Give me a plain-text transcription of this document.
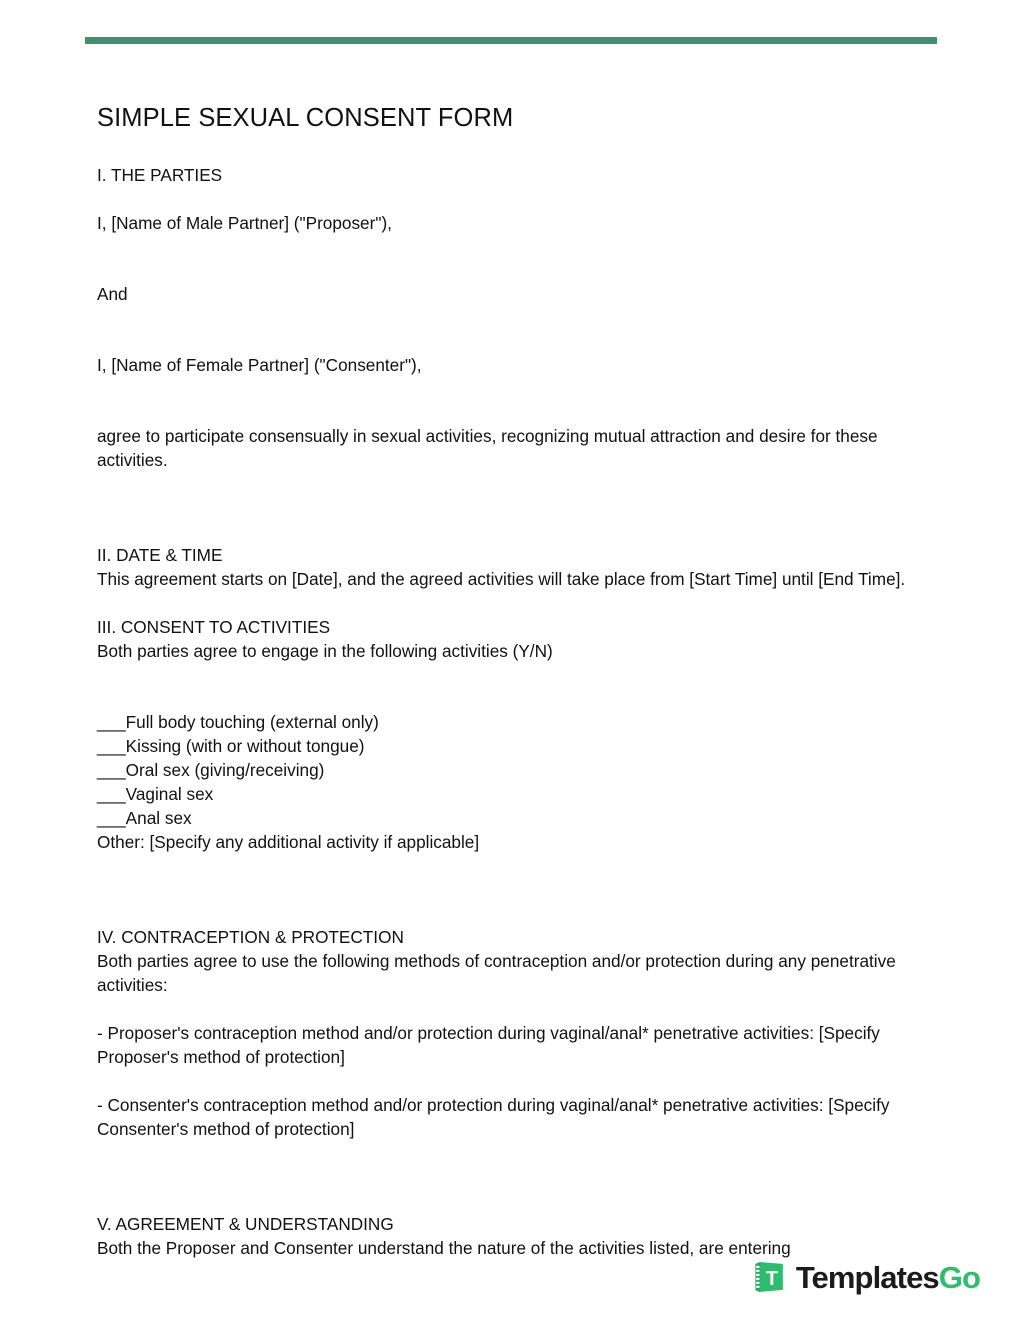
SIMPLE SEXUAL CONSENT FORM

I. THE PARTIES

I, [Name of Male Partner] ("Proposer"),

And

I, [Name of Female Partner] ("Consenter"),

agree to participate consensually in sexual activities, recognizing mutual attraction and desire for these activities.

II. DATE & TIME

This agreement starts on [Date], and the agreed activities will take place from [Start Time] until [End Time].

III. CONSENT TO ACTIVITIES

Both parties agree to engage in the following activities (Y/N)

___Full body touching (external only)
___Kissing (with or without tongue)
___Oral sex (giving/receiving)
___Vaginal sex
___Anal sex

Other: [Specify any additional activity if applicable]

IV. CONTRACEPTION & PROTECTION

Both parties agree to use the following methods of contraception and/or protection during any penetrative activities:

- Proposer's contraception method and/or protection during vaginal/anal* penetrative activities: [Specify Proposer's method of protection]

- Consenter's contraception method and/or protection during vaginal/anal* penetrative activities: [Specify Consenter's method of protection]

V. AGREEMENT & UNDERSTANDING

Both the Proposer and Consenter understand the nature of the activities listed, are entering

T TemplatesGo
